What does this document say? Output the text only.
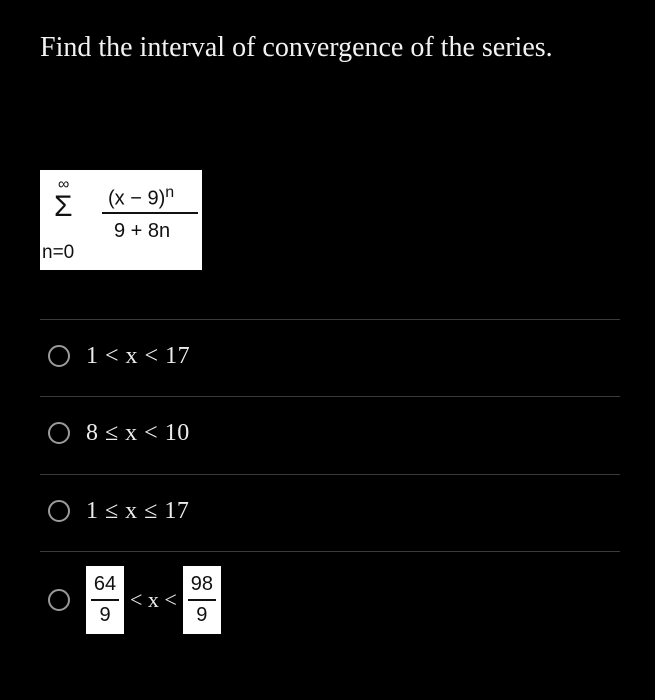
Find the interval of convergence of the series.
∞
Σ
n=0
$(x - 9)^n$
9 + 8n
1 < x < 17
8 ≤ x < 10
1 ≤ x ≤ 17
$\frac{64}{9} < x < \frac{98}{9}$
